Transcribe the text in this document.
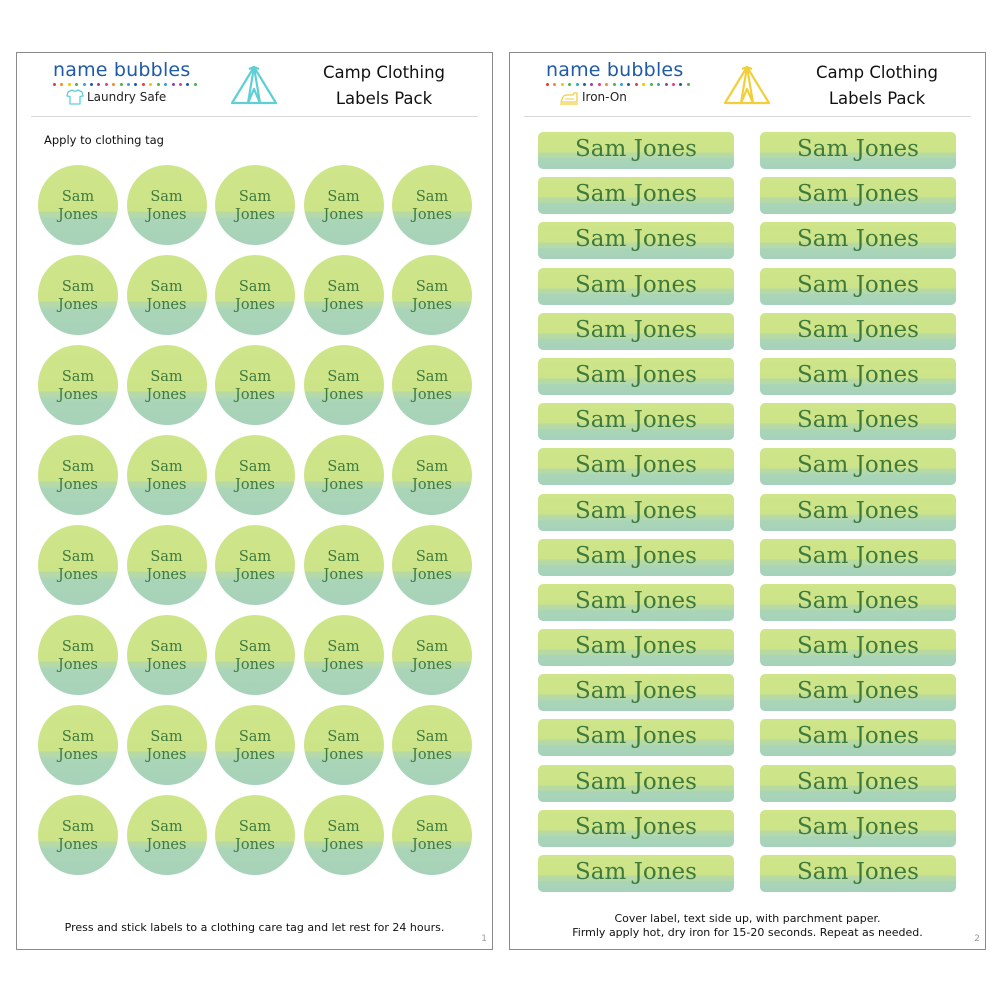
name bubbles
Laundry Safe
Camp Clothing
Labels Pack
Apply to clothing tag
Sam
Jones
Sam
Jones
Sam
Jones
Sam
Jones
Sam
Jones
Sam
Jones
Sam
Jones
Sam
Jones
Sam
Jones
Sam
Jones
Sam
Jones
Sam
Jones
Sam
Jones
Sam
Jones
Sam
Jones
Sam
Jones
Sam
Jones
Sam
Jones
Sam
Jones
Sam
Jones
Sam
Jones
Sam
Jones
Sam
Jones
Sam
Jones
Sam
Jones
Sam
Jones
Sam
Jones
Sam
Jones
Sam
Jones
Sam
Jones
Sam
Jones
Sam
Jones
Sam
Jones
Sam
Jones
Sam
Jones
Sam
Jones
Sam
Jones
Sam
Jones
Sam
Jones
Sam
Jones
Press and stick labels to a clothing care tag and let rest for 24 hours.
1
name bubbles
Iron-On
Camp Clothing
Labels Pack
Sam Jones	Sam Jones
Sam Jones	Sam Jones
Sam Jones	Sam Jones
Sam Jones	Sam Jones
Sam Jones	Sam Jones
Sam Jones	Sam Jones
Sam Jones	Sam Jones
Sam Jones	Sam Jones
Sam Jones	Sam Jones
Sam Jones	Sam Jones
Sam Jones	Sam Jones
Sam Jones	Sam Jones
Sam Jones	Sam Jones
Sam Jones	Sam Jones
Sam Jones	Sam Jones
Sam Jones	Sam Jones
Sam Jones	Sam Jones
Cover label, text side up, with parchment paper.
Firmly apply hot, dry iron for 15-20 seconds. Repeat as needed.	2
